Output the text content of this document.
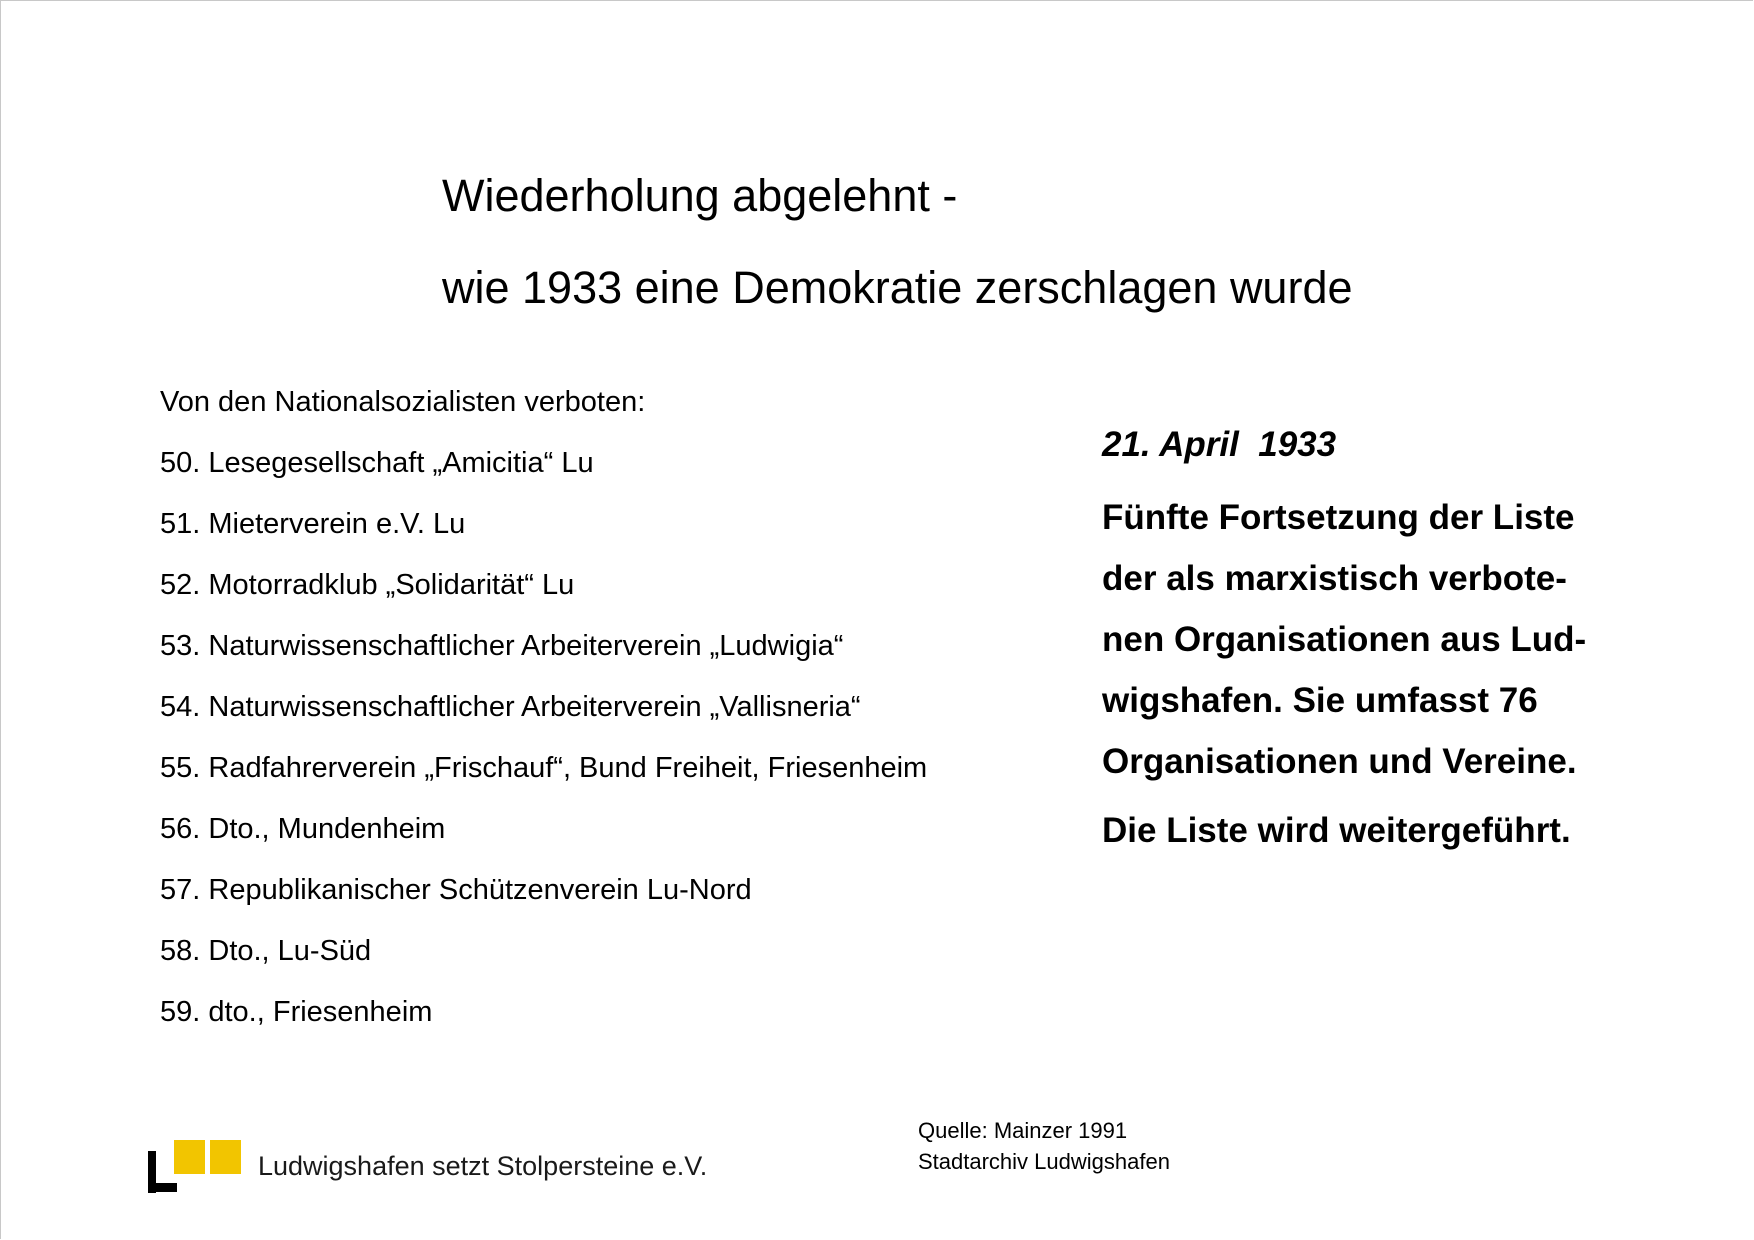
Wiederholung abgelehnt -
wie 1933 eine Demokratie zerschlagen wurde
Von den Nationalsozialisten verboten:
50. Lesegesellschaft „Amicitia“ Lu
51. Mieterverein e.V. Lu
52. Motorradklub „Solidarität“ Lu
53. Naturwissenschaftlicher Arbeiterverein „Ludwigia“
54. Naturwissenschaftlicher Arbeiterverein „Vallisneria“
55. Radfahrerverein „Frischauf“, Bund Freiheit, Friesenheim
56. Dto., Mundenheim
57. Republikanischer Schützenverein Lu-Nord
58. Dto., Lu-Süd
59. dto., Friesenheim
21. April  1933
Fünfte Fortsetzung der Liste
der als marxistisch verbote-
nen Organisationen aus Lud-
wigshafen. Sie umfasst 76
Organisationen und Vereine.
Die Liste wird weitergeführt.
Quelle: Mainzer 1991
Stadtarchiv Ludwigshafen
Ludwigshafen setzt Stolpersteine e.V.
